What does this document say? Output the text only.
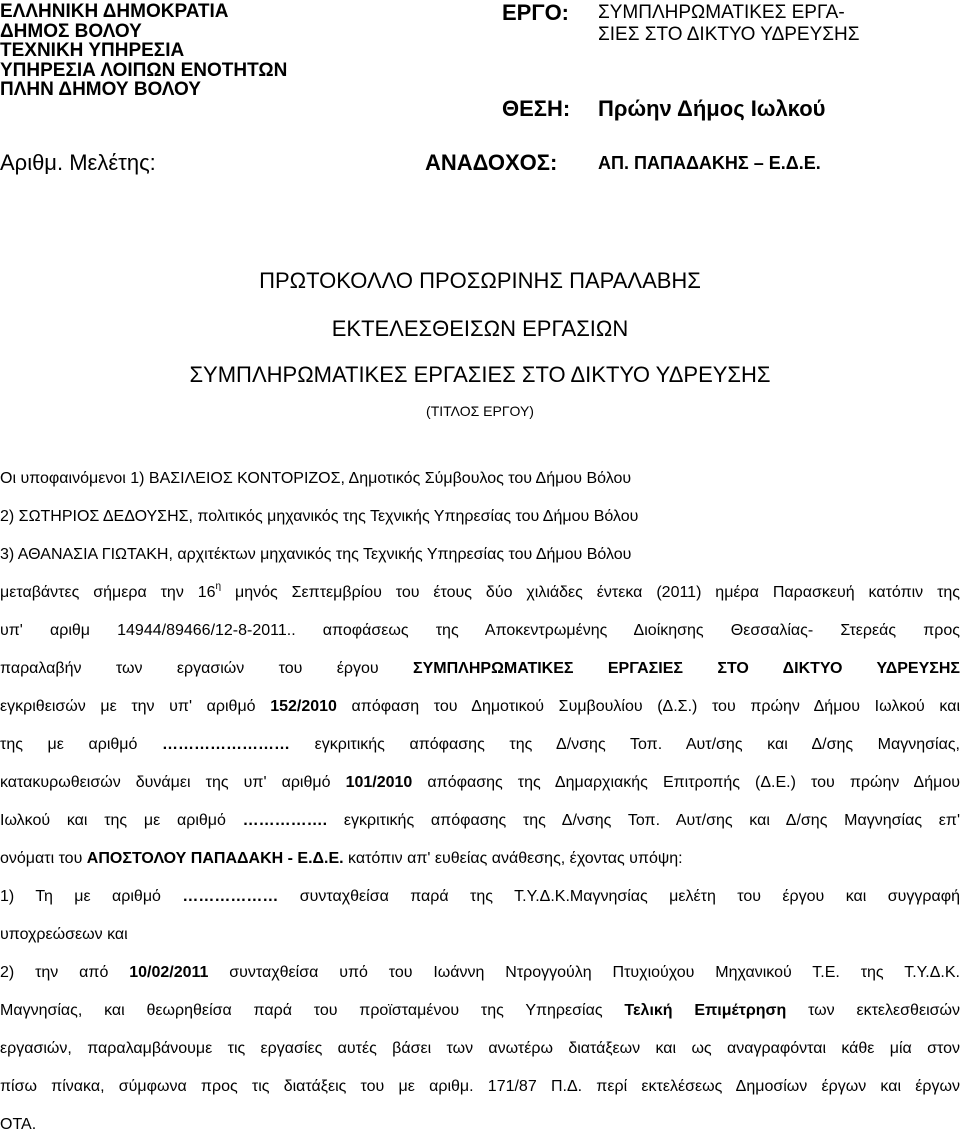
ΕΛΛΗΝΙΚΗ ΔΗΜΟΚΡΑΤΙΑ
ΔΗΜΟΣ ΒΟΛΟΥ
ΤΕΧΝΙΚΗ ΥΠΗΡΕΣΙΑ
ΥΠΗΡΕΣΙΑ ΛΟΙΠΩΝ ΕΝΟΤΗΤΩΝ
ΠΛΗΝ ΔΗΜΟΥ ΒΟΛΟΥ
Αριθμ. Μελέτης:
ΕΡΓΟ:	ΣΥΜΠΛΗΡΩΜΑΤΙΚΕΣ ΕΡΓΑ-
ΣΙΕΣ ΣΤΟ ΔΙΚΤΥΟ ΥΔΡΕΥΣΗΣ
ΘΕΣΗ:	Πρώην Δήμος Ιωλκού
ΑΝΑΔΟΧΟΣ:	ΑΠ. ΠΑΠΑΔΑΚΗΣ – Ε.Δ.Ε.
ΠΡΩΤΟΚΟΛΛΟ ΠΡΟΣΩΡΙΝΗΣ ΠΑΡΑΛΑΒΗΣ
ΕΚΤΕΛΕΣΘΕΙΣΩΝ ΕΡΓΑΣΙΩΝ
ΣΥΜΠΛΗΡΩΜΑΤΙΚΕΣ ΕΡΓΑΣΙΕΣ ΣΤΟ ΔΙΚΤΥΟ ΥΔΡΕΥΣΗΣ
(ΤΙΤΛΟΣ ΕΡΓΟΥ)
Οι υποφαινόμενοι 1) ΒΑΣΙΛΕΙΟΣ ΚΟΝΤΟΡΙΖΟΣ, Δημοτικός Σύμβουλος του Δήμου Βόλου
2) ΣΩΤΗΡΙΟΣ ΔΕΔΟΥΣΗΣ, πολιτικός μηχανικός της Τεχνικής Υπηρεσίας του Δήμου Βόλου
3) ΑΘΑΝΑΣΙΑ ΓΙΩΤΑΚΗ, αρχιτέκτων μηχανικός της Τεχνικής Υπηρεσίας του Δήμου Βόλου
μεταβάντες σήμερα την $16^\eta$ μηνός Σεπτεμβρίου του έτους δύο χιλιάδες έντεκα (2011) ημέρα Παρασκευή κατόπιν της
υπ' αριθμ 14944/89466/12-8-2011.. αποφάσεως της Αποκεντρωμένης Διοίκησης Θεσσαλίας- Στερεάς προς
παραλαβήν των εργασιών του έργου ΣΥΜΠΛΗΡΩΜΑΤΙΚΕΣ ΕΡΓΑΣΙΕΣ ΣΤΟ ΔΙΚΤΥΟ ΥΔΡΕΥΣΗΣ
εγκριθεισών με την υπ' αριθμό 152/2010 απόφαση του Δημοτικού Συμβουλίου (Δ.Σ.) του πρώην Δήμου Ιωλκού και
της με αριθμό …………………… εγκριτικής απόφασης της Δ/νσης Τοπ. Αυτ/σης και Δ/σης Μαγνησίας,
κατακυρωθεισών δυνάμει της υπ' αριθμό 101/2010 απόφασης της Δημαρχιακής Επιτροπής (Δ.Ε.) του πρώην Δήμου
Ιωλκού και της με αριθμό ……………. εγκριτικής απόφασης της Δ/νσης Τοπ. Αυτ/σης και Δ/σης Μαγνησίας επ'
ονόματι του ΑΠΟΣΤΟΛΟΥ ΠΑΠΑΔΑΚΗ - Ε.Δ.Ε. κατόπιν απ' ευθείας ανάθεσης, έχοντας υπόψη:
1) Τη με αριθμό ……………… συνταχθείσα παρά της Τ.Υ.Δ.Κ.Μαγνησίας μελέτη του έργου και συγγραφή
υποχρεώσεων και
2) την από 10/02/2011 συνταχθείσα υπό του Ιωάννη Ντρογγούλη Πτυχιούχου Μηχανικού Τ.Ε. της Τ.Υ.Δ.Κ.
Μαγνησίας, και θεωρηθείσα παρά του προϊσταμένου της Υπηρεσίας Τελική Επιμέτρηση των εκτελεσθεισών
εργασιών, παραλαμβάνουμε τις εργασίες αυτές βάσει των ανωτέρω διατάξεων και ως αναγραφόνται κάθε μία στον
πίσω πίνακα, σύμφωνα προς τις διατάξεις του με αριθμ. 171/87 Π.Δ. περί εκτελέσεως Δημοσίων έργων και έργων
ΟΤΑ.
